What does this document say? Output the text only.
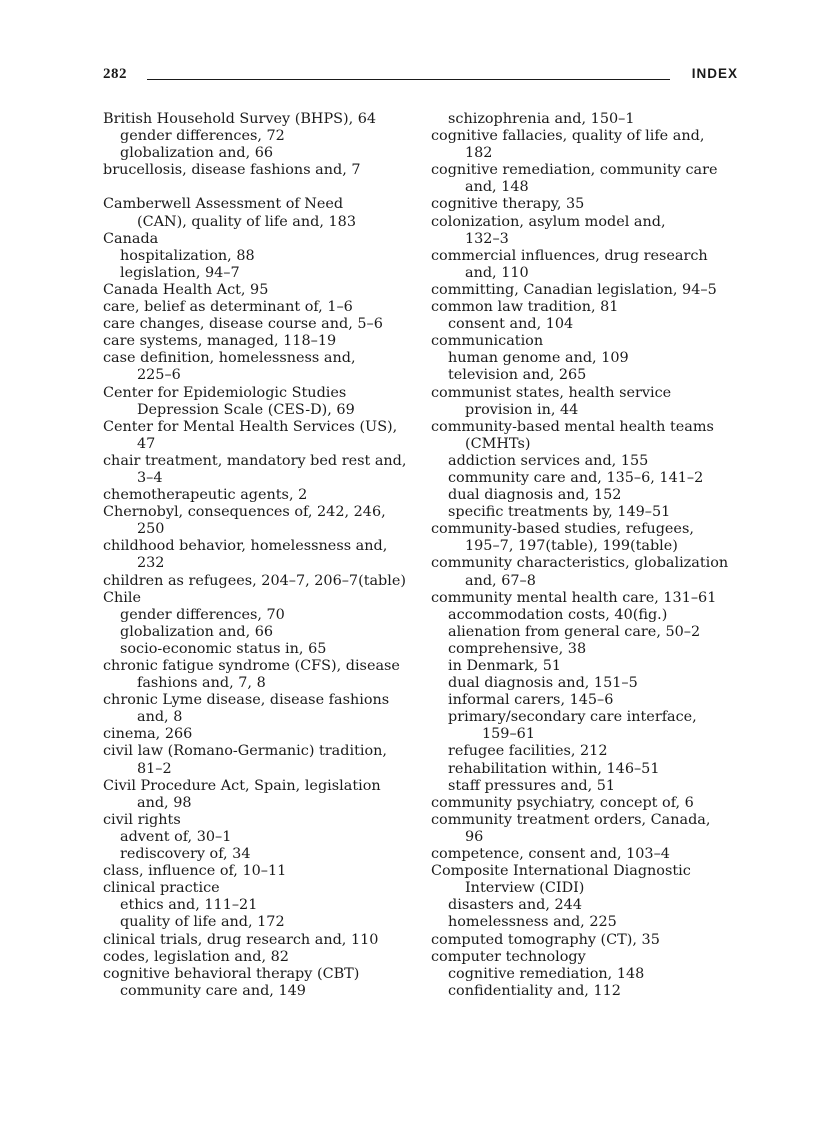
282	INDEX
British Household Survey (BHPS), 64
gender differences, 72
globalization and, 66
brucellosis, disease fashions and, 7
Camberwell Assessment of Need
(CAN), quality of life and, 183
Canada
hospitalization, 88
legislation, 94–7
Canada Health Act, 95
care, belief as determinant of, 1–6
care changes, disease course and, 5–6
care systems, managed, 118–19
case definition, homelessness and,
225–6
Center for Epidemiologic Studies
Depression Scale (CES-D), 69
Center for Mental Health Services (US),
47
chair treatment, mandatory bed rest and,
3–4
chemotherapeutic agents, 2
Chernobyl, consequences of, 242, 246,
250
childhood behavior, homelessness and,
232
children as refugees, 204–7, 206–7(table)
Chile
gender differences, 70
globalization and, 66
socio-economic status in, 65
chronic fatigue syndrome (CFS), disease
fashions and, 7, 8
chronic Lyme disease, disease fashions
and, 8
cinema, 266
civil law (Romano-Germanic) tradition,
81–2
Civil Procedure Act, Spain, legislation
and, 98
civil rights
advent of, 30–1
rediscovery of, 34
class, influence of, 10–11
clinical practice
ethics and, 111–21
quality of life and, 172
clinical trials, drug research and, 110
codes, legislation and, 82
cognitive behavioral therapy (CBT)
community care and, 149
schizophrenia and, 150–1
cognitive fallacies, quality of life and,
182
cognitive remediation, community care
and, 148
cognitive therapy, 35
colonization, asylum model and,
132–3
commercial influences, drug research
and, 110
committing, Canadian legislation, 94–5
common law tradition, 81
consent and, 104
communication
human genome and, 109
television and, 265
communist states, health service
provision in, 44
community-based mental health teams
(CMHTs)
addiction services and, 155
community care and, 135–6, 141–2
dual diagnosis and, 152
specific treatments by, 149–51
community-based studies, refugees,
195–7, 197(table), 199(table)
community characteristics, globalization
and, 67–8
community mental health care, 131–61
accommodation costs, 40(fig.)
alienation from general care, 50–2
comprehensive, 38
in Denmark, 51
dual diagnosis and, 151–5
informal carers, 145–6
primary/secondary care interface,
159–61
refugee facilities, 212
rehabilitation within, 146–51
staff pressures and, 51
community psychiatry, concept of, 6
community treatment orders, Canada,
96
competence, consent and, 103–4
Composite International Diagnostic
Interview (CIDI)
disasters and, 244
homelessness and, 225
computed tomography (CT), 35
computer technology
cognitive remediation, 148
confidentiality and, 112
